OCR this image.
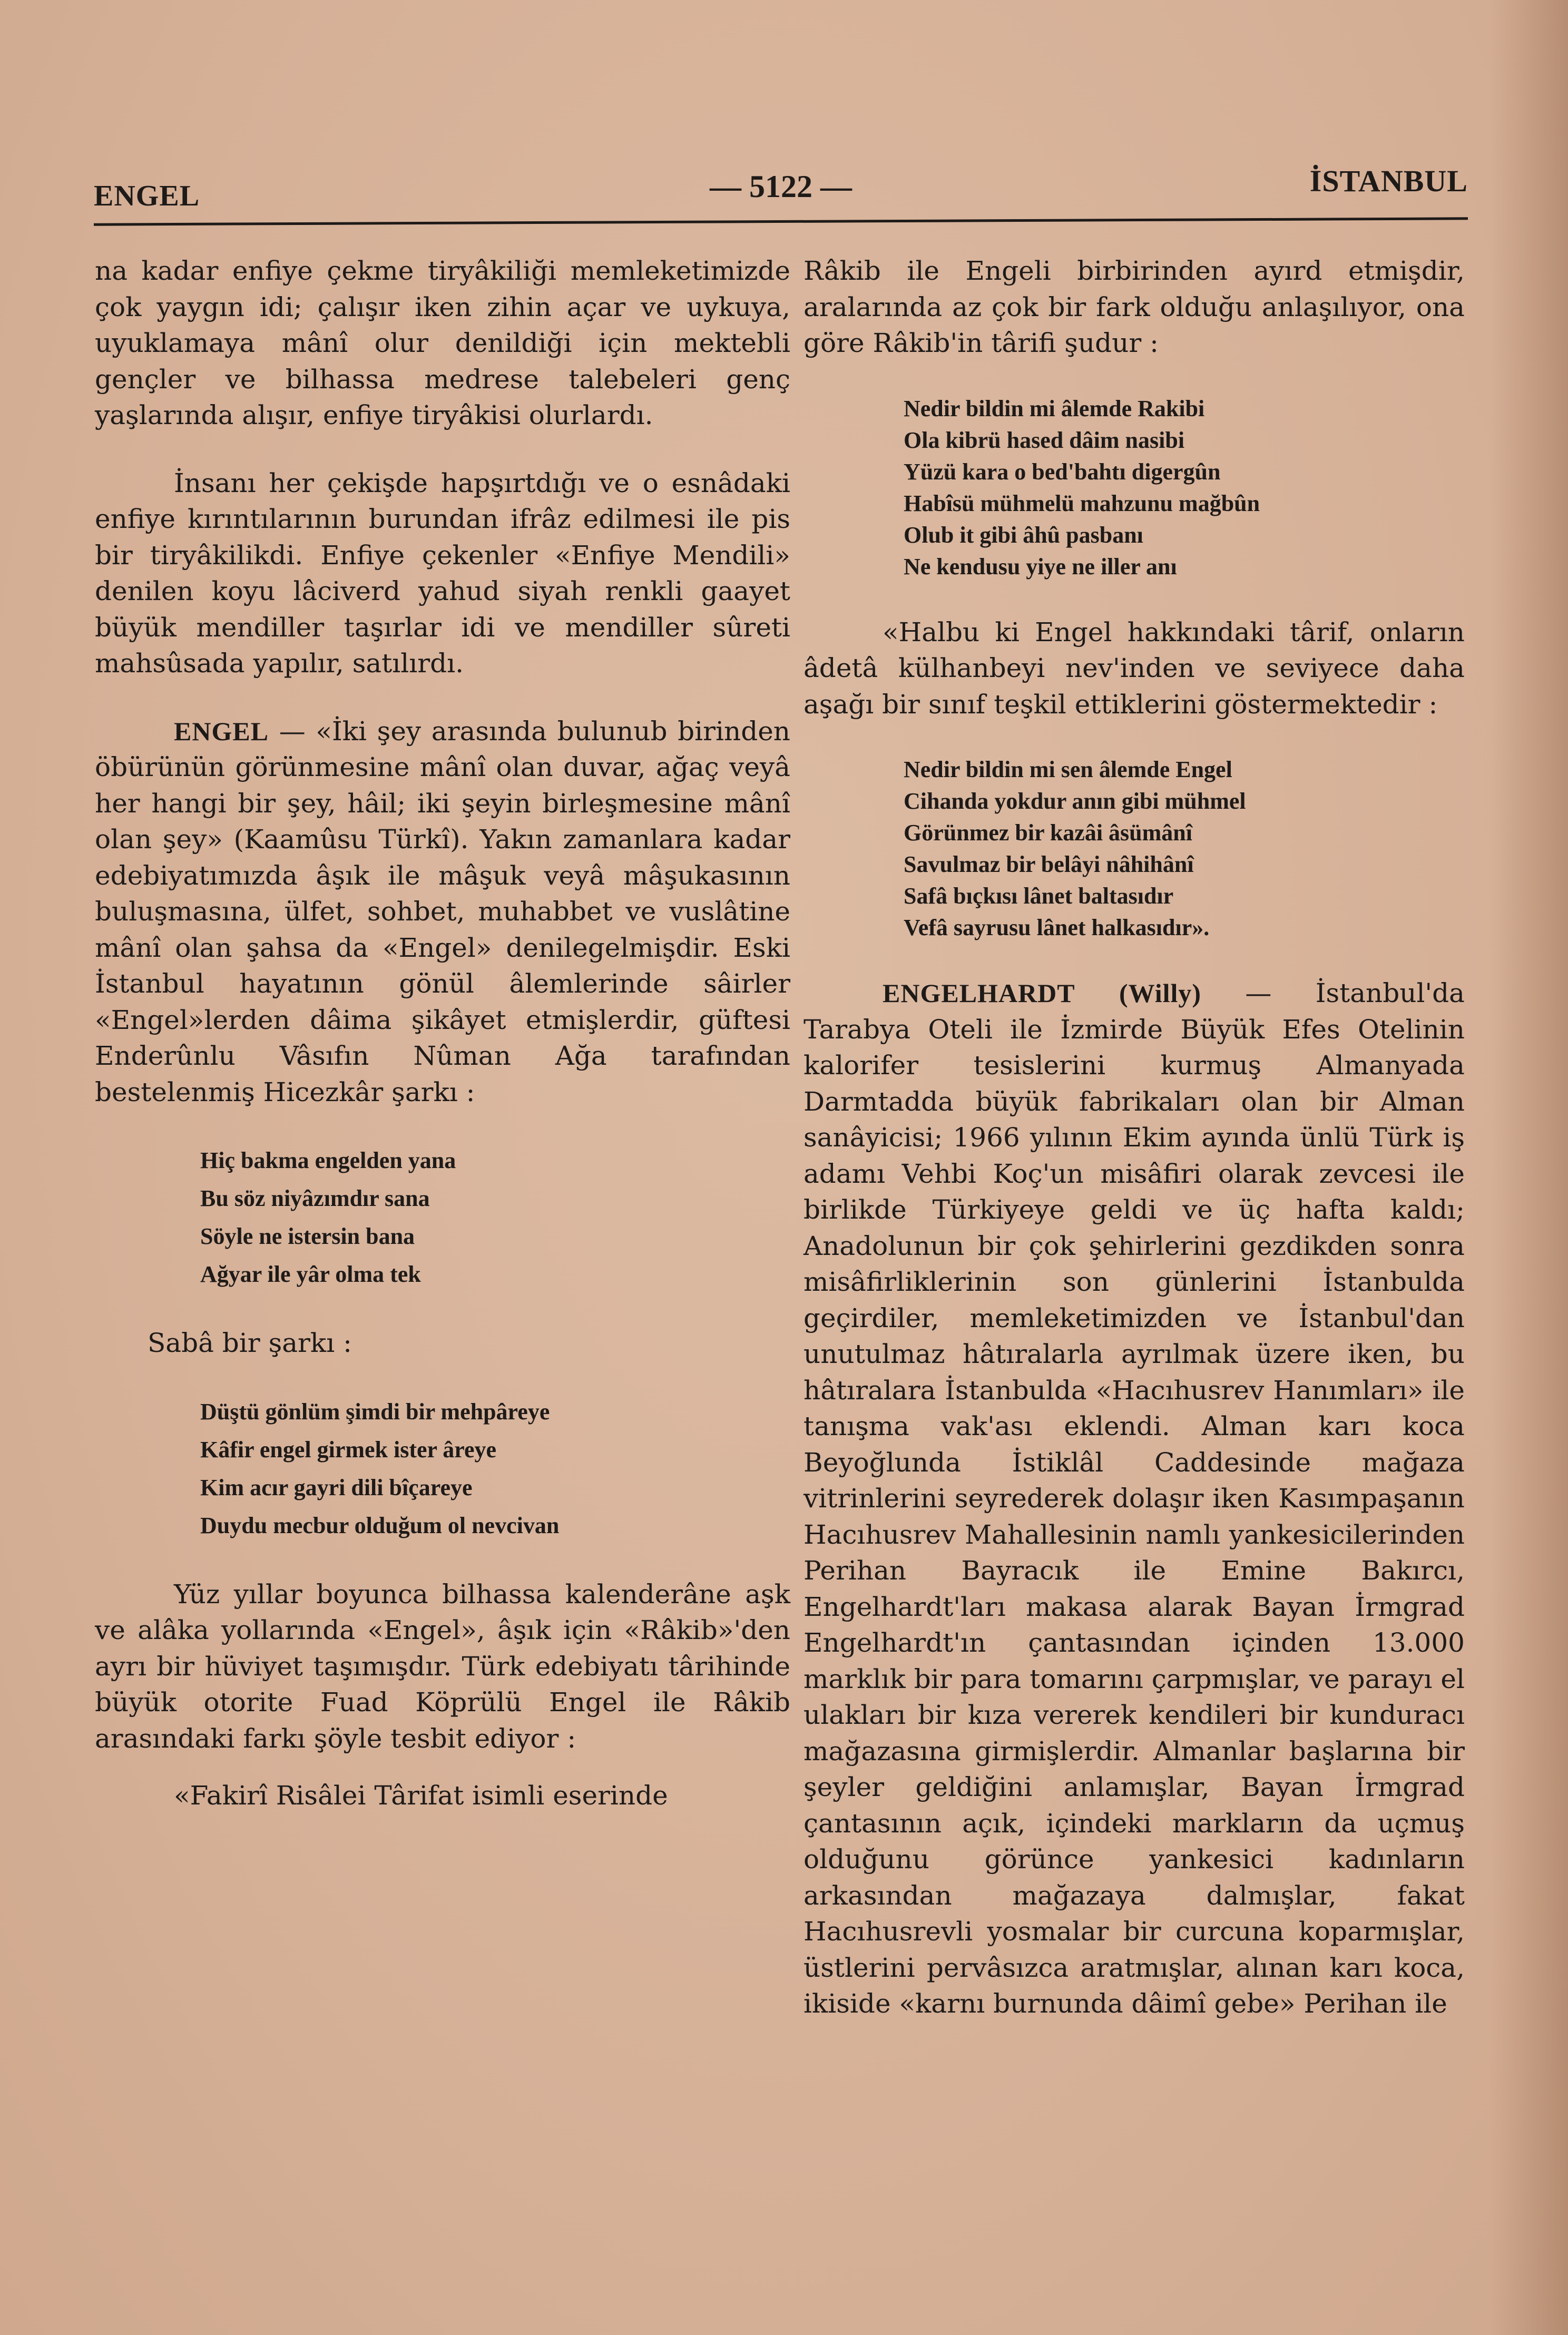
ENGEL	— 5122 —	İSTANBUL

na kadar enfiye çekme tiryâkiliği memleketimizde çok yaygın idi; çalışır iken zihin açar ve uykuya, uyuklamaya mânî olur denildiği için mektebli gençler ve bilhassa medrese talebeleri genç yaşlarında alışır, enfiye tiryâkisi olurlardı.

İnsanı her çekişde hapşırtdığı ve o esnâdaki enfiye kırıntılarının burundan ifrâz edilmesi ile pis bir tiryâkilikdi. Enfiye çekenler «Enfiye Mendili» denilen koyu lâciverd yahud siyah renkli gaayet büyük mendiller taşırlar idi ve mendiller sûreti mahsûsada yapılır, satılırdı.

ENGEL — «İki şey arasında bulunub birinden öbürünün görünmesine mânî olan duvar, ağaç veyâ her hangi bir şey, hâil; iki şeyin birleşmesine mânî olan şey» (Kaamûsu Türkî). Yakın zamanlara kadar edebiyatımızda âşık ile mâşuk veyâ mâşukasının buluşmasına, ülfet, sohbet, muhabbet ve vuslâtine mânî olan şahsa da «Engel» denilegelmişdir. Eski İstanbul hayatının gönül âlemlerinde sâirler «Engel»lerden dâima şikâyet etmişlerdir, güftesi Enderûnlu Vâsıfın Nûman Ağa tarafından bestelenmiş Hicezkâr şarkı :

Hiç bakma engelden yana
Bu söz niyâzımdır sana
Söyle ne istersin bana
Ağyar ile yâr olma tek

Sabâ bir şarkı :

Düştü gönlüm şimdi bir mehpâreye
Kâfir engel girmek ister âreye
Kim acır gayri dili bîçareye
Duydu mecbur olduğum ol nevcivan

Yüz yıllar boyunca bilhassa kalenderâne aşk ve alâka yollarında «Engel», âşık için «Râkib»'den ayrı bir hüviyet taşımışdır. Türk edebiyatı târihinde büyük otorite Fuad Köprülü Engel ile Râkib arasındaki farkı şöyle tesbit ediyor :

«Fakirî Risâlei Târifat isimli eserinde

Râkib ile Engeli birbirinden ayırd etmişdir, aralarında az çok bir fark olduğu anlaşılıyor, ona göre Râkib'in târifi şudur :

Nedir bildin mi âlemde Rakibi
Ola kibrü hased dâim nasibi
Yüzü kara o bed'bahtı digergûn
Habîsü mühmelü mahzunu mağbûn
Olub it gibi âhû pasbanı
Ne kendusu yiye ne iller anı

«Halbu ki Engel hakkındaki târif, onların âdetâ külhanbeyi nev'inden ve seviyece daha aşağı bir sınıf teşkil ettiklerini göstermektedir :

Nedir bildin mi sen âlemde Engel
Cihanda yokdur anın gibi mühmel
Görünmez bir kazâi âsümânî
Savulmaz bir belâyi nâhihânî
Safâ bıçkısı lânet baltasıdır
Vefâ sayrusu lânet halkasıdır».

ENGELHARDT (Willy) — İstanbul'da Tarabya Oteli ile İzmirde Büyük Efes Otelinin kalorifer tesislerini kurmuş Almanyada Darmtadda büyük fabrikaları olan bir Alman sanâyicisi; 1966 yılının Ekim ayında ünlü Türk iş adamı Vehbi Koç'un misâfiri olarak zevcesi ile birlikde Türkiyeye geldi ve üç hafta kaldı; Anadolunun bir çok şehirlerini gezdikden sonra misâfirliklerinin son günlerini İstanbulda geçirdiler, memleketimizden ve İstanbul'dan unutulmaz hâtıralarla ayrılmak üzere iken, bu hâtıralara İstanbulda «Hacıhusrev Hanımları» ile tanışma vak'ası eklendi. Alman karı koca Beyoğlunda İstiklâl Caddesinde mağaza vitrinlerini seyrederek dolaşır iken Kasımpaşanın Hacıhusrev Mahallesinin namlı yankesicilerinden Perihan Bayracık ile Emine Bakırcı, Engelhardt'ları makasa alarak Bayan İrmgrad Engelhardt'ın çantasından içinden 13.000 marklık bir para tomarını çarpmışlar, ve parayı el ulakları bir kıza vererek kendileri bir kunduracı mağazasına girmişlerdir. Almanlar başlarına bir şeyler geldiğini anlamışlar, Bayan İrmgrad çantasının açık, içindeki markların da uçmuş olduğunu görünce yankesici kadınların arkasından mağazaya dalmışlar, fakat Hacıhusrevli yosmalar bir curcuna koparmışlar, üstlerini pervâsızca aratmışlar, alınan karı koca, ikiside «karnı burnunda dâimî gebe» Perihan ile
